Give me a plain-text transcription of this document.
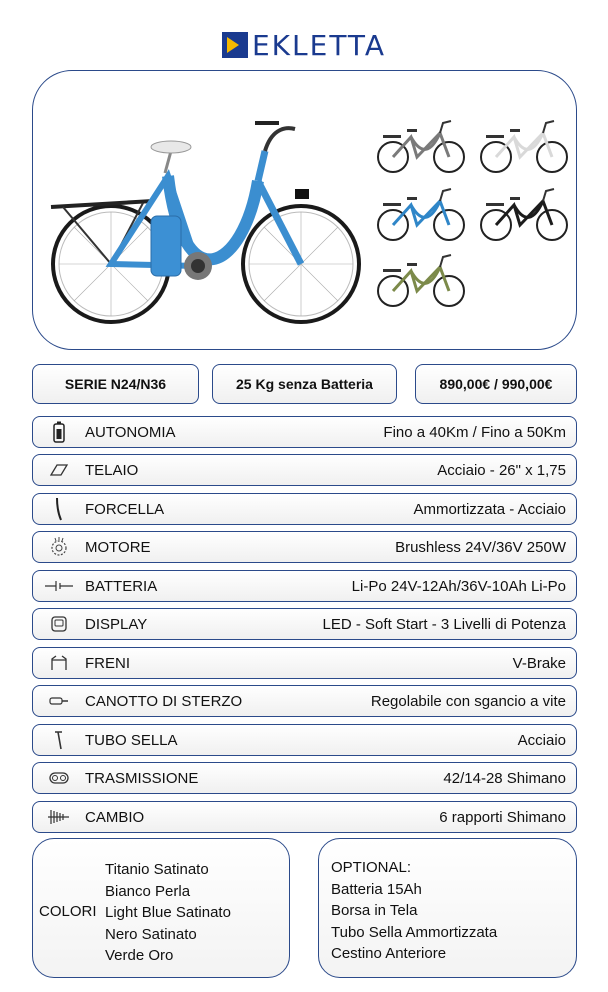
EKLETTA
SERIE N24/N36	25 Kg senza Batteria	890,00€ / 990,00€
AUTONOMIA	Fino a 40Km / Fino a 50Km
TELAIO	Acciaio - 26" x 1,75
FORCELLA	Ammortizzata - Acciaio
MOTORE	Brushless 24V/36V 250W
BATTERIA	Li-Po 24V-12Ah/36V-10Ah Li-Po
DISPLAY	LED - Soft Start - 3 Livelli di Potenza
FRENI	V-Brake
CANOTTO DI STERZO	Regolabile con sgancio a vite
TUBO SELLA	Acciaio
TRASMISSIONE	42/14-28 Shimano
CAMBIO	6 rapporti Shimano
COLORI
Titanio Satinato
Bianco Perla
Light Blue Satinato
Nero Satinato
Verde Oro
OPTIONAL:
Batteria 15Ah
Borsa in Tela
Tubo Sella Ammortizzata
Cestino Anteriore
